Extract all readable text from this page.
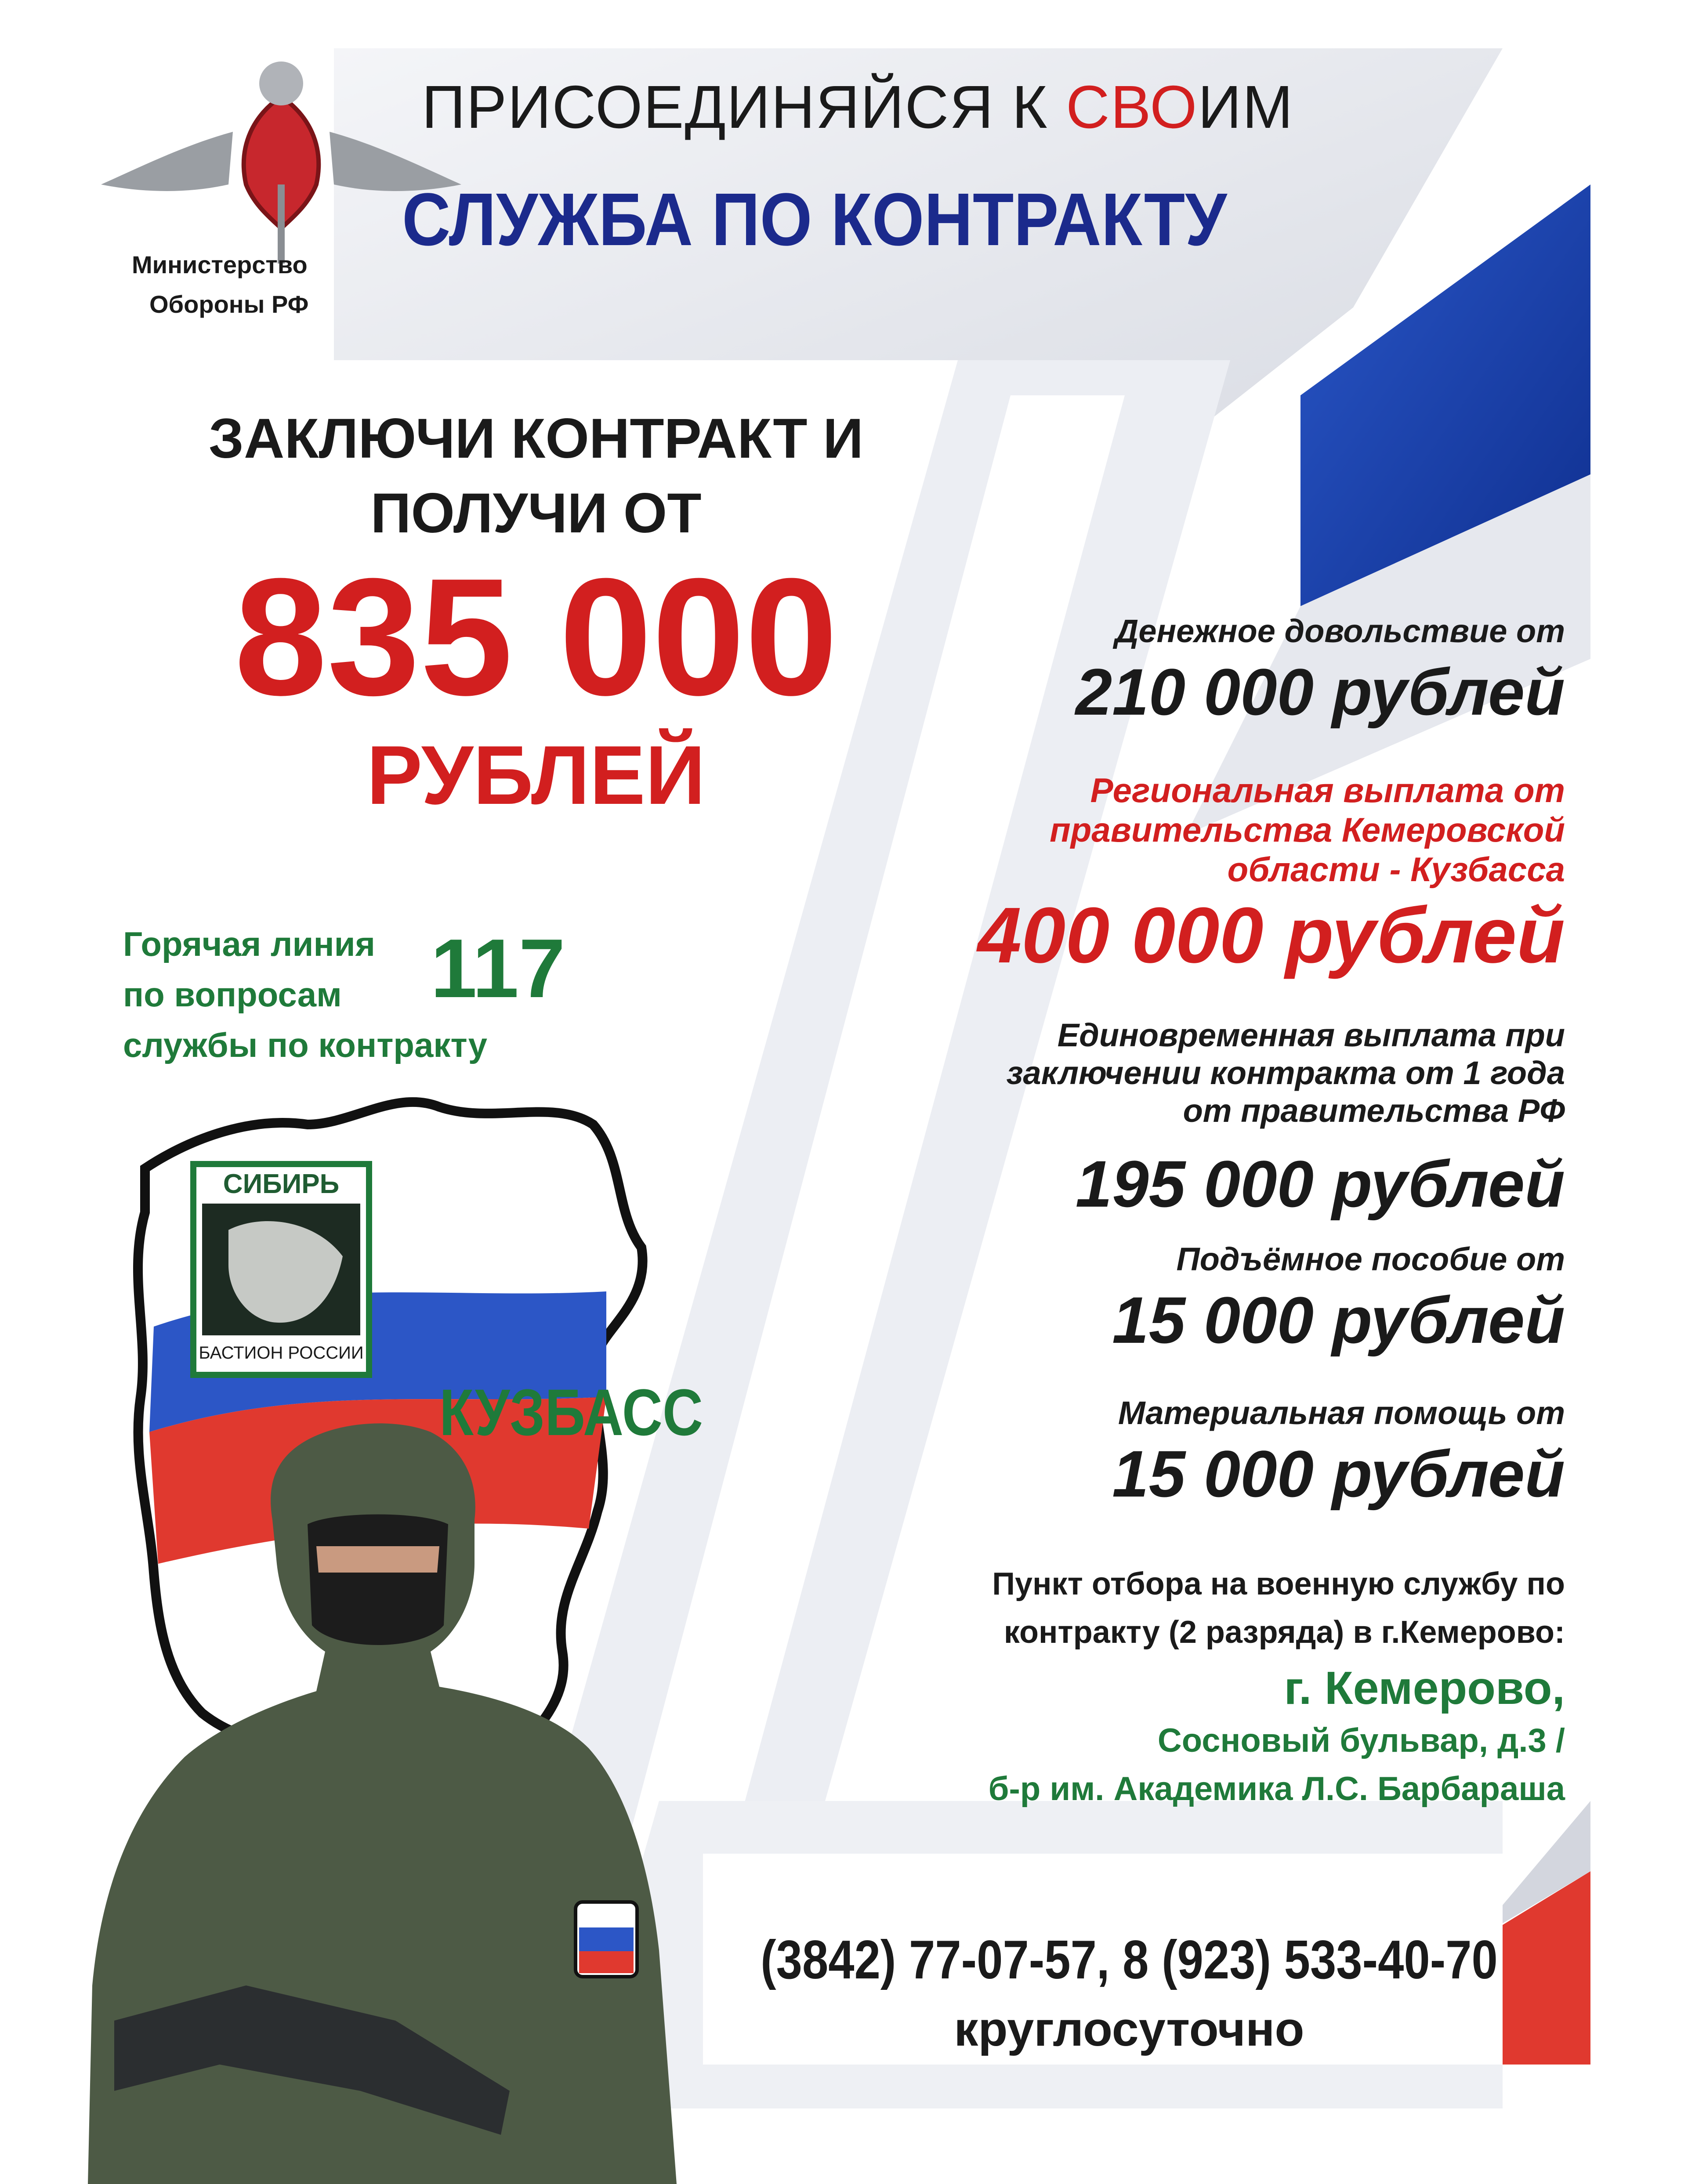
Министерство
Обороны РФ
ПРИСОЕДИНЯЙСЯ К СВОИМ
СЛУЖБА ПО КОНТРАКТУ
ЗАКЛЮЧИ КОНТРАКТ И
ПОЛУЧИ ОТ
835 000
РУБЛЕЙ
Горячая линия
по вопросам
службы по контракту
117
СИБИРЬ
БАСТИОН РОССИИ
КУЗБАСС
Денежное довольствие от
210 000 рублей
Региональная выплата от
правительства Кемеровской
области - Кузбасса
400 000 рублей
Единовременная выплата при
заключении контракта от 1 года
от правительства РФ
195 000 рублей
Подъёмное пособие от
15 000 рублей
Материальная помощь от
15 000 рублей
Пункт отбора на военную службу по
контракту (2 разряда) в г.Кемерово:
г. Кемерово,
Сосновый бульвар, д.3 /
б-р им. Академика Л.С. Барбараша
(3842) 77-07-57, 8 (923) 533-40-70
круглосуточно
